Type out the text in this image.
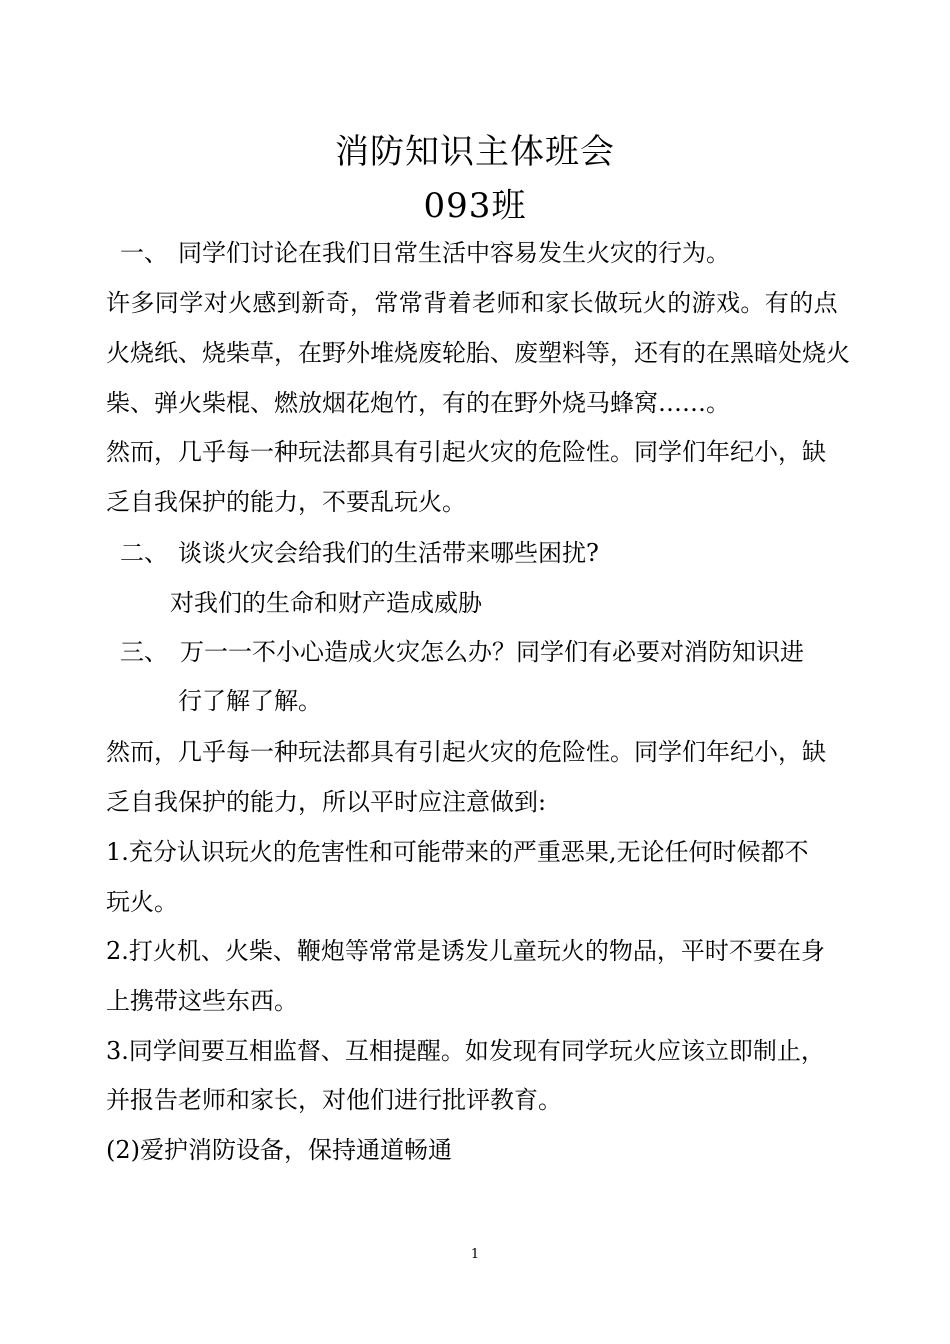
消防知识主体班会
093班
一、 同学们讨论在我们日常生活中容易发生火灾的行为。
许多同学对火感到新奇，常常背着老师和家长做玩火的游戏。有的点
火烧纸、烧柴草，在野外堆烧废轮胎、废塑料等，还有的在黑暗处烧火
柴、弹火柴棍、燃放烟花炮竹，有的在野外烧马蜂窝……。
然而，几乎每一种玩法都具有引起火灾的危险性。同学们年纪小，缺
乏自我保护的能力，不要乱玩火。
二、 谈谈火灾会给我们的生活带来哪些困扰?
对我们的生命和财产造成威胁
三、 万一一不小心造成火灾怎么办？同学们有必要对消防知识进
行了解了解。
然而，几乎每一种玩法都具有引起火灾的危险性。同学们年纪小，缺
乏自我保护的能力，所以平时应注意做到:
1.充分认识玩火的危害性和可能带来的严重恶果,无论任何时候都不
玩火。
2.打火机、火柴、鞭炮等常常是诱发儿童玩火的物品，平时不要在身
上携带这些东西。
3.同学间要互相监督、互相提醒。如发现有同学玩火应该立即制止，
并报告老师和家长，对他们进行批评教育。
(2)爱护消防设备，保持通道畅通
1
